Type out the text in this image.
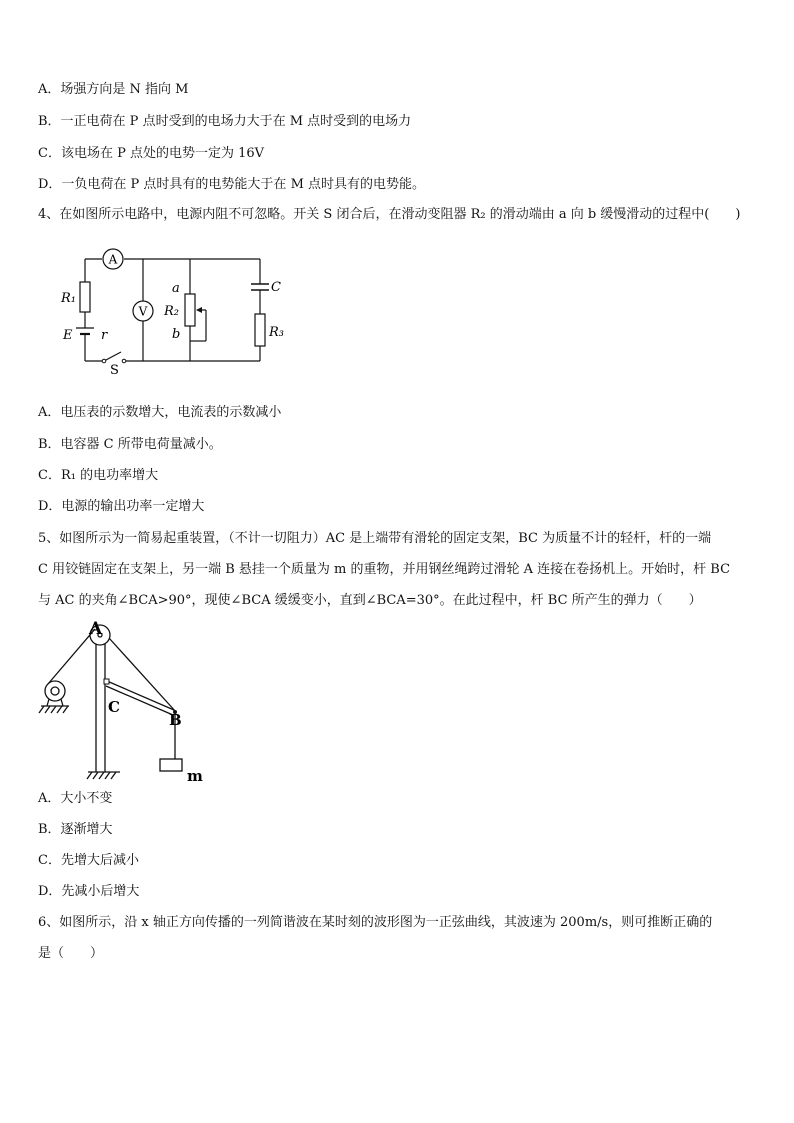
A．场强方向是 N 指向 M
B．一正电荷在 P 点时受到的电场力大于在 M 点时受到的电场力
C．该电场在 P 点处的电势一定为 16V
D．一负电荷在 P 点时具有的电势能大于在 M 点时具有的电势能。
4、在如图所示电路中，电源内阻不可忽略。开关 S 闭合后，在滑动变阻器 R₂ 的滑动端由 a 向 b 缓慢滑动的过程中(　　)
A
V
R₁
E r
a
R₂
b
C
R₃
S
A．电压表的示数增大，电流表的示数减小
B．电容器 C 所带电荷量减小。
C．R₁ 的电功率增大
D．电源的输出功率一定增大
5、如图所示为一简易起重装置，（不计一切阻力）AC 是上端带有滑轮的固定支架，BC 为质量不计的轻杆，杆的一端
C 用铰链固定在支架上，另一端 B 悬挂一个质量为 m 的重物，并用钢丝绳跨过滑轮 A 连接在卷扬机上。开始时，杆 BC
与 AC 的夹角∠BCA>90°，现使∠BCA 缓缓变小，直到∠BCA=30°。在此过程中，杆 BC 所产生的弹力（　　）
A
C
B
m
A．大小不变
B．逐渐增大
C．先增大后减小
D．先减小后增大
6、如图所示，沿 x 轴正方向传播的一列简谐波在某时刻的波形图为一正弦曲线，其波速为 200m/s，则可推断正确的
是（　　）
